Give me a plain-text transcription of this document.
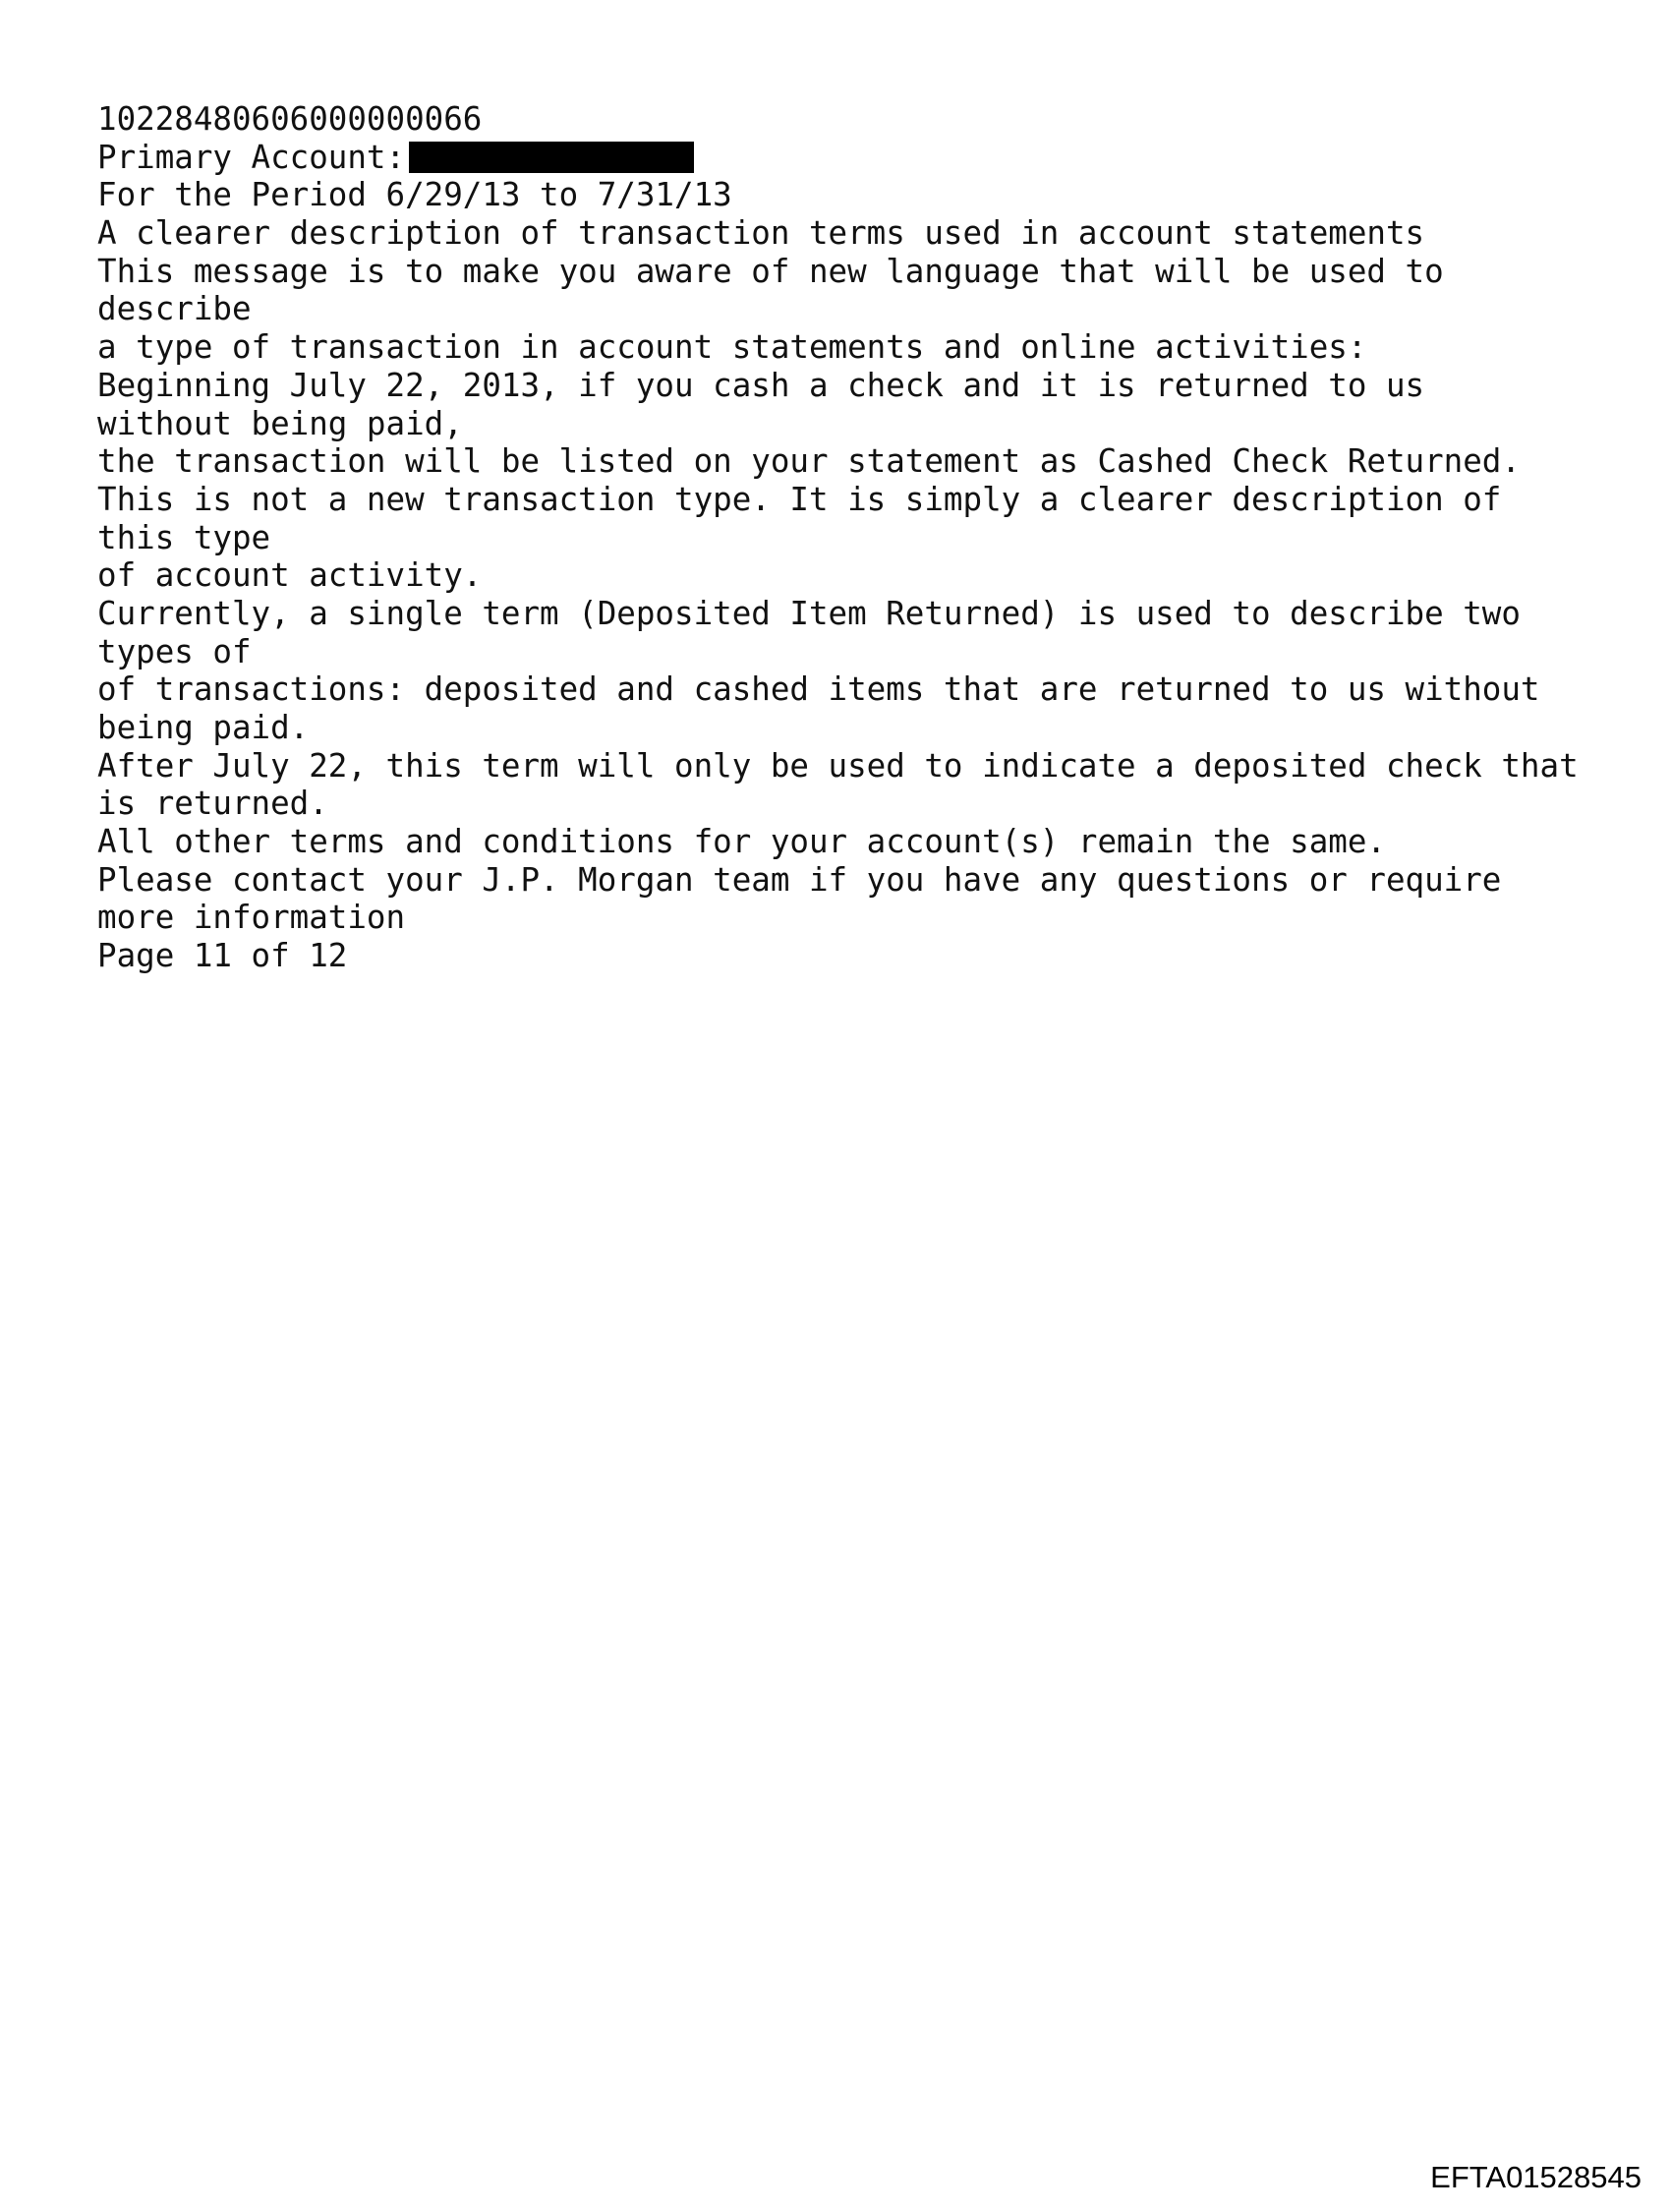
10228480606000000066
Primary Account:
For the Period 6/29/13 to 7/31/13
A clearer description of transaction terms used in account statements
This message is to make you aware of new language that will be used to
describe
a type of transaction in account statements and online activities:
Beginning July 22, 2013, if you cash a check and it is returned to us
without being paid,
the transaction will be listed on your statement as Cashed Check Returned.
This is not a new transaction type. It is simply a clearer description of
this type
of account activity.
Currently, a single term (Deposited Item Returned) is used to describe two
types of
of transactions: deposited and cashed items that are returned to us without
being paid.
After July 22, this term will only be used to indicate a deposited check that
is returned.
All other terms and conditions for your account(s) remain the same.
Please contact your J.P. Morgan team if you have any questions or require
more information
Page 11 of 12
EFTA01528545
